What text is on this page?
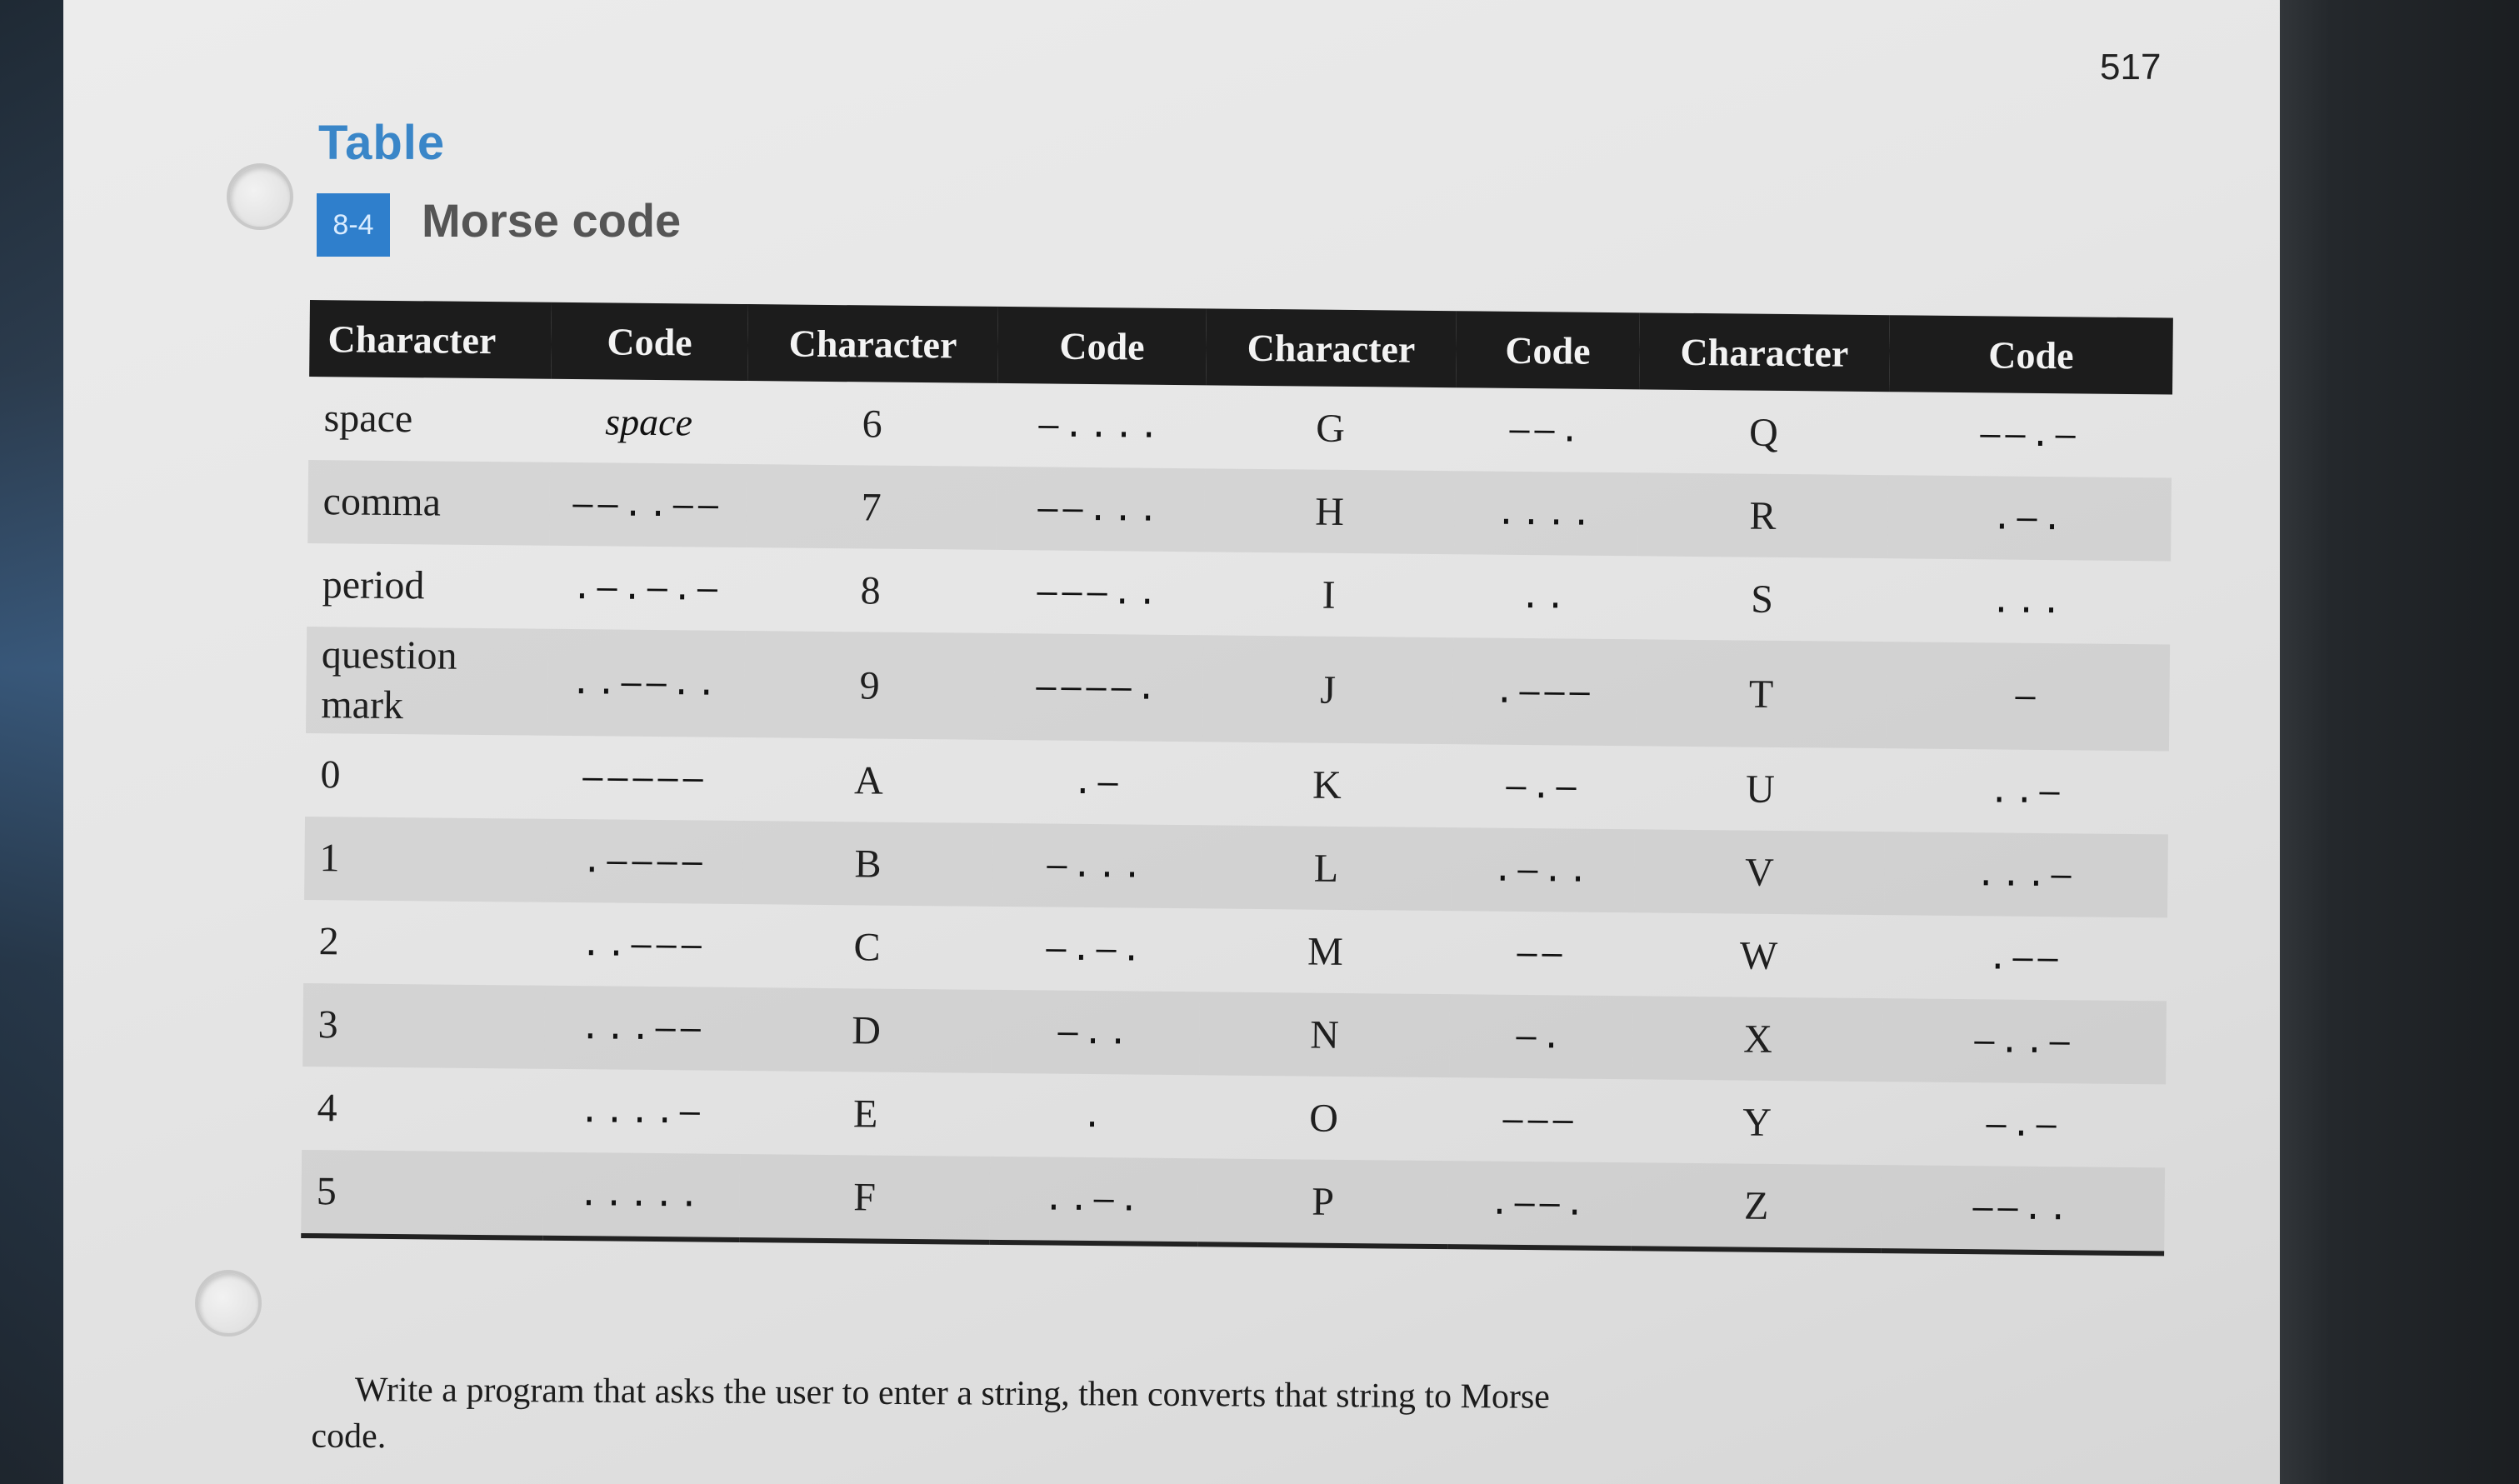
517
Table
8-4	Morse code
Character	Code	Character	Code	Character	Code	Character	Code
space	space	6	–....	G	––.	Q	––.–
comma	––..––	7	––...	H	....	R	.–.
period	.–.–.–	8	–––..	I	..	S	...
question mark	..––..	9	––––.	J	.–––	T	–
0	–––––	A	.–	K	–.–	U	..–
1	.––––	B	–...	L	.–..	V	...–
2	..–––	C	–.–.	M	––	W	.––
3	...––	D	–..	N	–.	X	–..–
4	....–	E	.	O	–––	Y	–.–
5	.....	F	..–.	P	.––.	Z	––..

Write a program that asks the user to enter a string, then converts that string to Morse
code.
